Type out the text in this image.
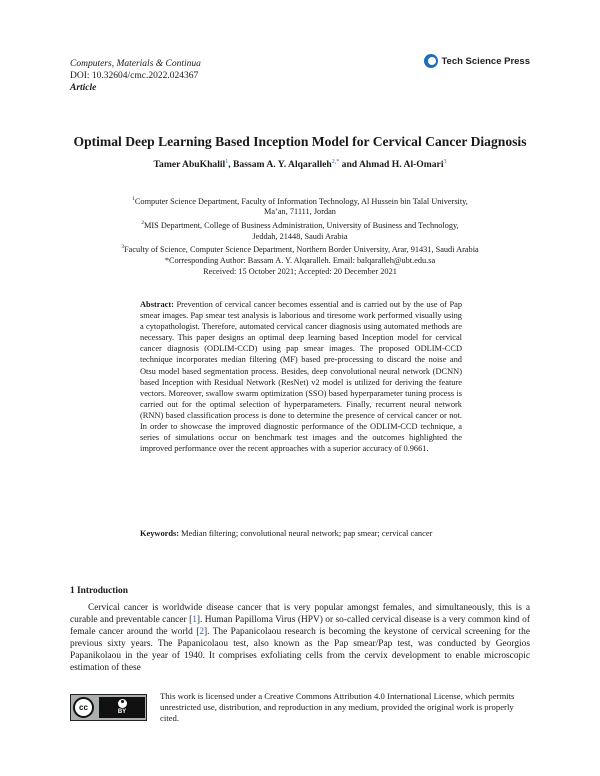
Computers, Materials & Continua
DOI: 10.32604/cmc.2022.024367
Article
Tech Science Press
Optimal Deep Learning Based Inception Model for Cervical Cancer Diagnosis
Tamer AbuKhalil$^1$, Bassam A. Y. Alqaralleh$^{2,*}$ and Ahmad H. Al-Omari$^3$
$^1$Computer Science Department, Faculty of Information Technology, Al Hussein bin Talal University,
Ma’an, 71111, Jordan
$^2$MIS Department, College of Business Administration, University of Business and Technology,
Jeddah, 21448, Saudi Arabia
$^3$Faculty of Science, Computer Science Department, Northern Border University, Arar, 91431, Saudi Arabia
*Corresponding Author: Bassam A. Y. Alqaralleh. Email: balqaralleh@ubt.edu.sa
Received: 15 October 2021; Accepted: 20 December 2021
Abstract: Prevention of cervical cancer becomes essential and is carried out by the use of Pap smear images. Pap smear test analysis is laborious and tiresome work performed visually using a cytopathologist. Therefore, automated cervical cancer diagnosis using automated methods are necessary. This paper designs an optimal deep learning based Inception model for cervical cancer diagnosis (ODLIM-CCD) using pap smear images. The proposed ODLIM-CCD technique incorporates median filtering (MF) based pre-processing to discard the noise and Otsu model based segmentation process. Besides, deep convolutional neural network (DCNN) based Inception with Residual Network (ResNet) v2 model is utilized for deriving the feature vectors. Moreover, swallow swarm optimization (SSO) based hyperparameter tuning process is carried out for the optimal selection of hyperparameters. Finally, recurrent neural network (RNN) based classification process is done to determine the presence of cervical cancer or not. In order to showcase the improved diagnostic performance of the ODLIM-CCD technique, a series of simulations occur on benchmark test images and the outcomes highlighted the improved performance over the recent approaches with a superior accuracy of 0.9661.
Keywords: Median filtering; convolutional neural network; pap smear; cervical cancer
1 Introduction
Cervical cancer is worldwide disease cancer that is very popular amongst females, and simultaneously, this is a curable and preventable cancer [1]. Human Papilloma Virus (HPV) or so-called cervical disease is a very common kind of female cancer around the world [2]. The Papanicolaou research is becoming the keystone of cervical screening for the previous sixty years. The Papanicolaou test, also known as the Pap smear/Pap test, was conducted by Georgios Papanikolaou in the year of 1940. It comprises exfoliating cells from the cervix development to enable microscopic estimation of these
cc	BY
This work is licensed under a Creative Commons Attribution 4.0 International License, which permits unrestricted use, distribution, and reproduction in any medium, provided the original work is properly cited.
